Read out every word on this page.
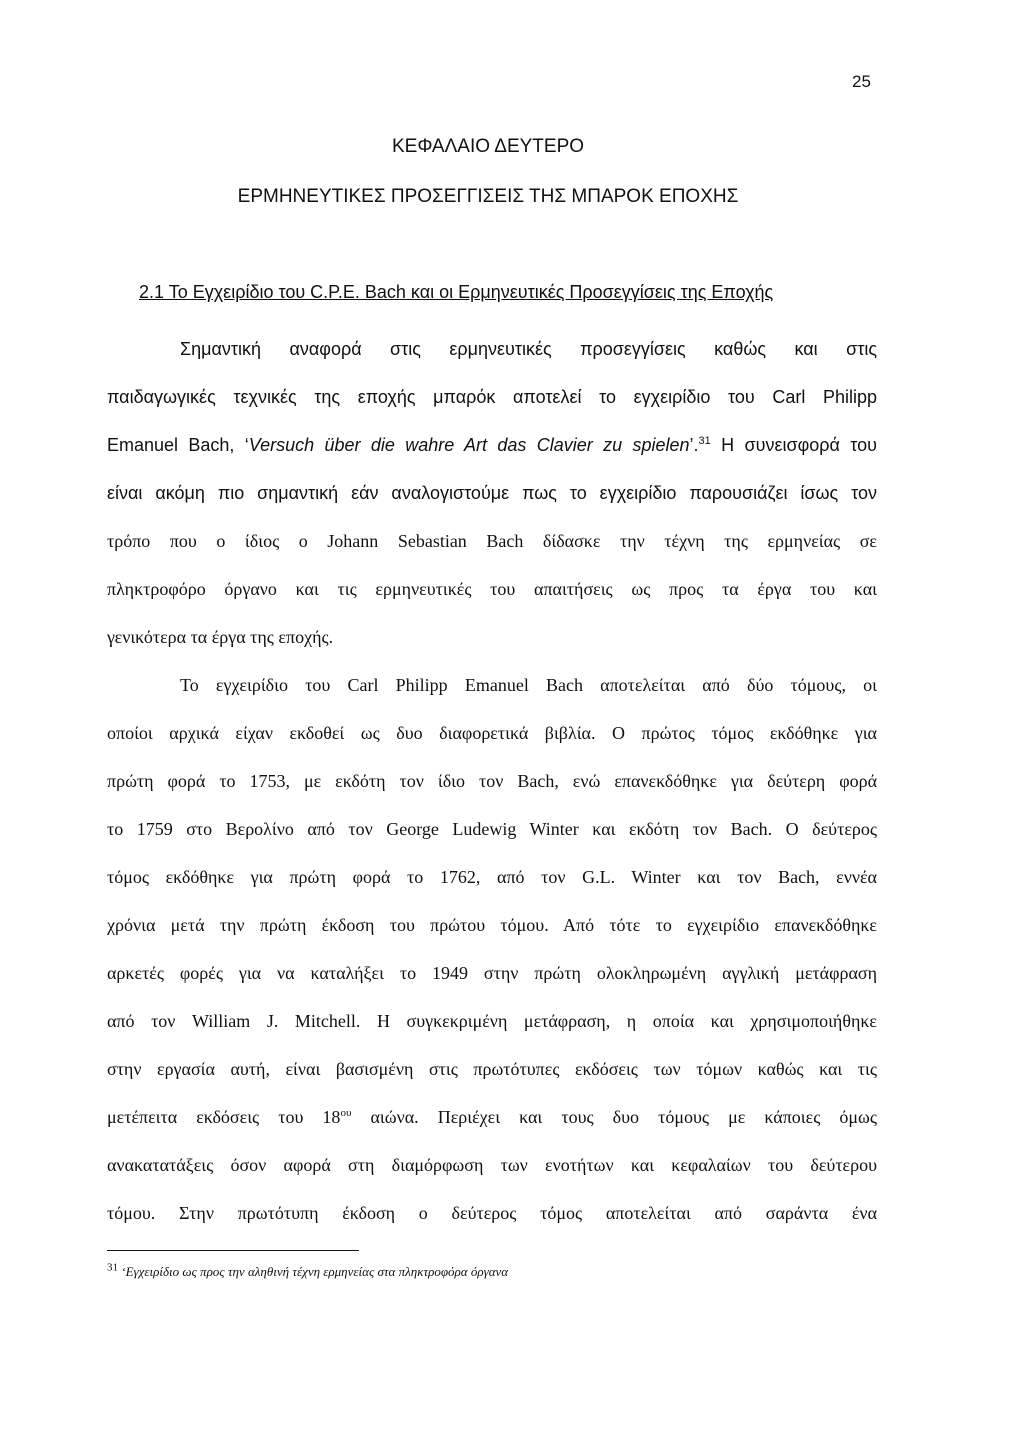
25
ΚΕΦΑΛΑΙΟ ΔΕΥΤΕΡΟ
ΕΡΜΗΝΕΥΤΙΚΕΣ ΠΡΟΣΕΓΓΙΣΕΙΣ ΤΗΣ ΜΠΑΡΟΚ ΕΠΟΧΗΣ
2.1 Το Εγχειρίδιο του C.P.E. Bach και οι Ερμηνευτικές Προσεγγίσεις της Εποχής
Σημαντική αναφορά στις ερμηνευτικές προσεγγίσεις καθώς και στις
παιδαγωγικές τεχνικές της εποχής μπαρόκ αποτελεί το εγχειρίδιο του Carl Philipp
Emanuel Bach, ‘Versuch über die wahre Art das Clavier zu spielen’.$^{31}$ Η συνεισφορά του
είναι ακόμη πιο σημαντική εάν αναλογιστούμε πως το εγχειρίδιο παρουσιάζει ίσως τον
τρόπο που ο ίδιος ο Johann Sebastian Bach δίδασκε την τέχνη της ερμηνείας σε
πληκτροφόρο όργανο και τις ερμηνευτικές του απαιτήσεις ως προς τα έργα του και
γενικότερα τα έργα της εποχής.
Το εγχειρίδιο του Carl Philipp Emanuel Bach αποτελείται από δύο τόμους, οι
οποίοι αρχικά είχαν εκδοθεί ως δυο διαφορετικά βιβλία. Ο πρώτος τόμος εκδόθηκε για
πρώτη φορά το 1753, με εκδότη τον ίδιο τον Bach, ενώ επανεκδόθηκε για δεύτερη φορά
το 1759 στο Βερολίνο από τον George Ludewig Winter και εκδότη τον Bach. Ο δεύτερος
τόμος εκδόθηκε για πρώτη φορά το 1762, από τον G.L. Winter και τον Bach, εννέα
χρόνια μετά την πρώτη έκδοση του πρώτου τόμου. Από τότε το εγχειρίδιο επανεκδόθηκε
αρκετές φορές για να καταλήξει το 1949 στην πρώτη ολοκληρωμένη αγγλική μετάφραση
από τον William J. Mitchell. Η συγκεκριμένη μετάφραση, η οποία και χρησιμοποιήθηκε
στην εργασία αυτή, είναι βασισμένη στις πρωτότυπες εκδόσεις των τόμων καθώς και τις
μετέπειτα εκδόσεις του $18^{o\upsilon}$ αιώνα. Περιέχει και τους δυο τόμους με κάποιες όμως
ανακατατάξεις όσον αφορά στη διαμόρφωση των ενοτήτων και κεφαλαίων του δεύτερου
τόμου. Στην πρωτότυπη έκδοση ο δεύτερος τόμος αποτελείται από σαράντα ένα
$^{31}$ ‘Εγχειρίδιο ως προς την αληθινή τέχνη ερμηνείας στα πληκτροφόρα όργανα
